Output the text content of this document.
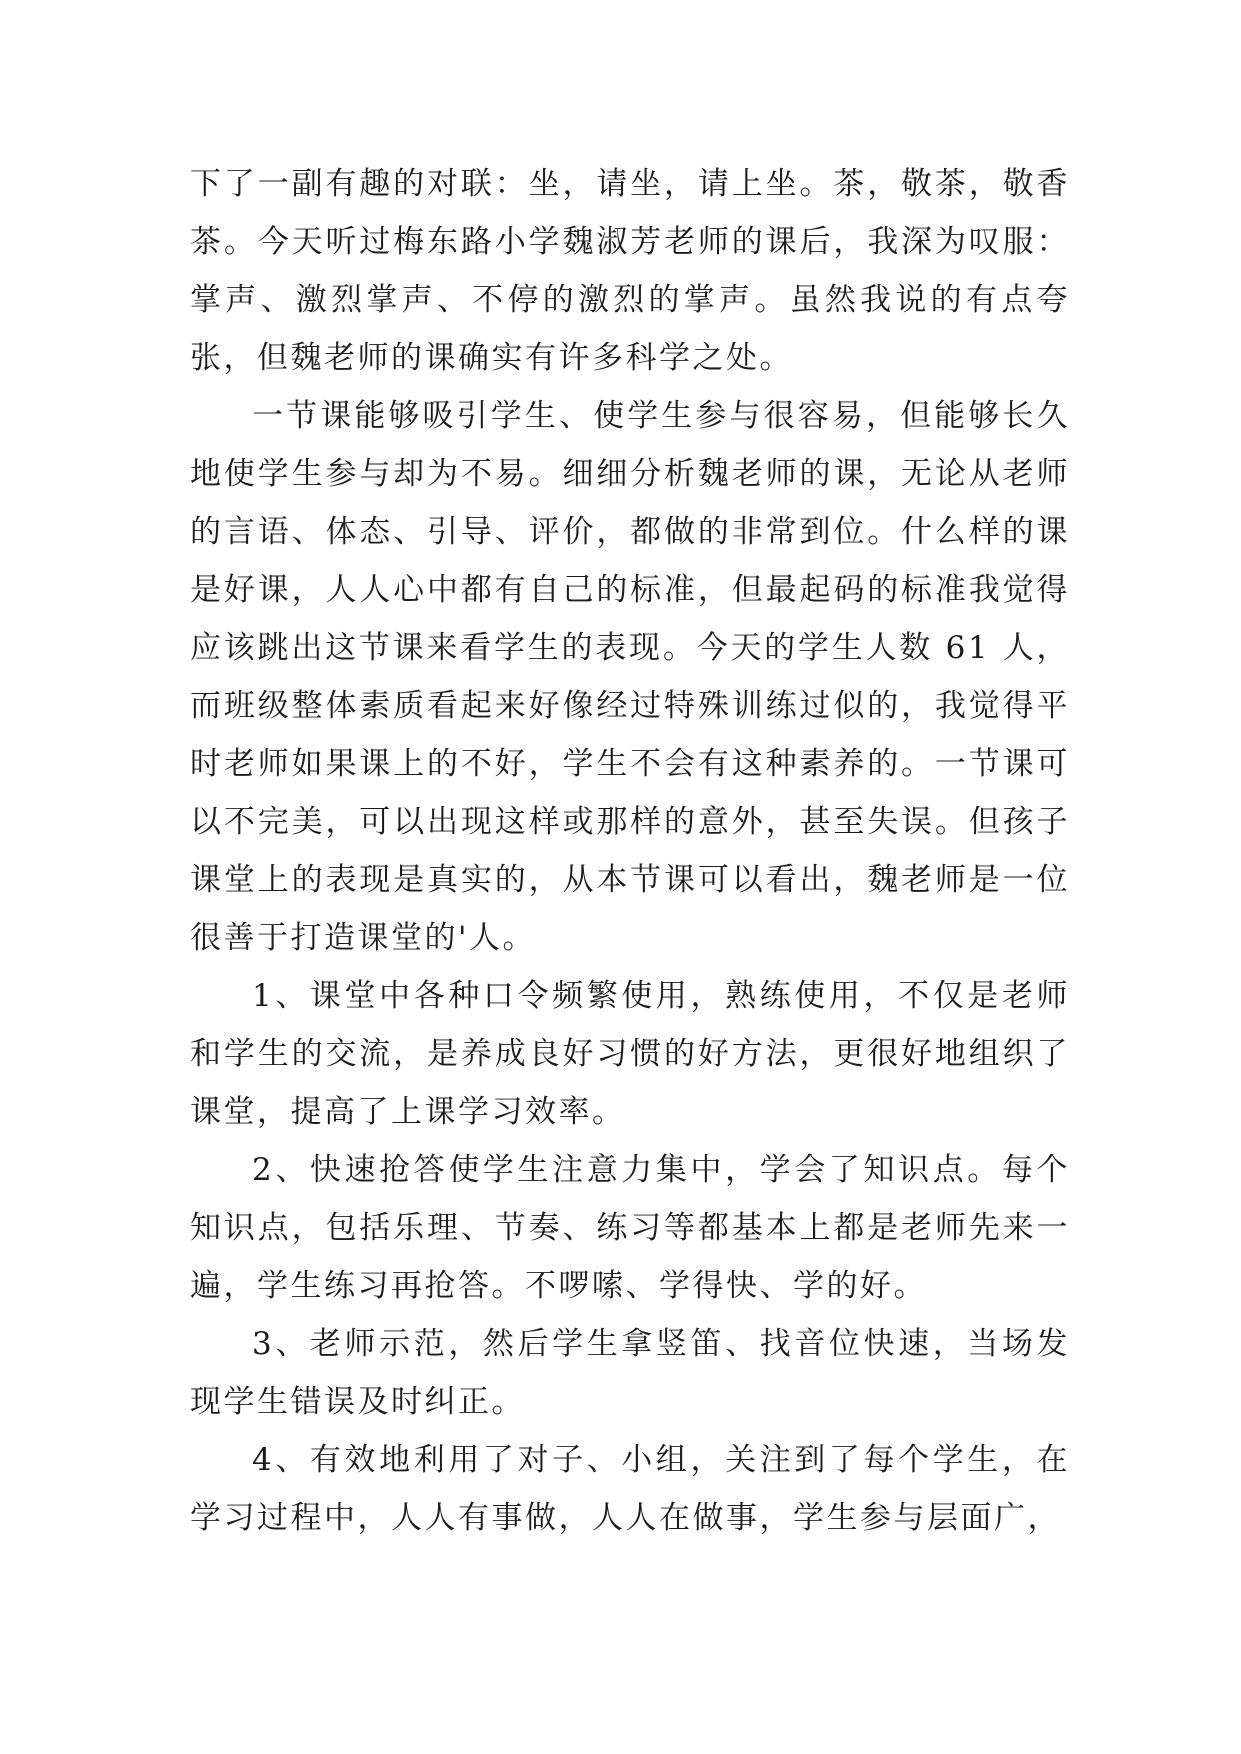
下了一副有趣的对联：坐，请坐，请上坐。茶，敬茶，敬香茶。今天听过梅东路小学魏淑芳老师的课后，我深为叹服：掌声、激烈掌声、不停的激烈的掌声。虽然我说的有点夸张，但魏老师的课确实有许多科学之处。

一节课能够吸引学生、使学生参与很容易，但能够长久地使学生参与却为不易。细细分析魏老师的课，无论从老师的言语、体态、引导、评价，都做的非常到位。什么样的课是好课，人人心中都有自己的标准，但最起码的标准我觉得应该跳出这节课来看学生的表现。今天的学生人数 61 人，而班级整体素质看起来好像经过特殊训练过似的，我觉得平时老师如果课上的不好，学生不会有这种素养的。一节课可以不完美，可以出现这样或那样的意外，甚至失误。但孩子课堂上的表现是真实的，从本节课可以看出，魏老师是一位很善于打造课堂的'人。

1、课堂中各种口令频繁使用，熟练使用，不仅是老师和学生的交流，是养成良好习惯的好方法，更很好地组织了课堂，提高了上课学习效率。

2、快速抢答使学生注意力集中，学会了知识点。每个知识点，包括乐理、节奏、练习等都基本上都是老师先来一遍，学生练习再抢答。不啰嗦、学得快、学的好。

3、老师示范，然后学生拿竖笛、找音位快速，当场发现学生错误及时纠正。

4、有效地利用了对子、小组，关注到了每个学生，在学习过程中，人人有事做，人人在做事，学生参与层面广，
